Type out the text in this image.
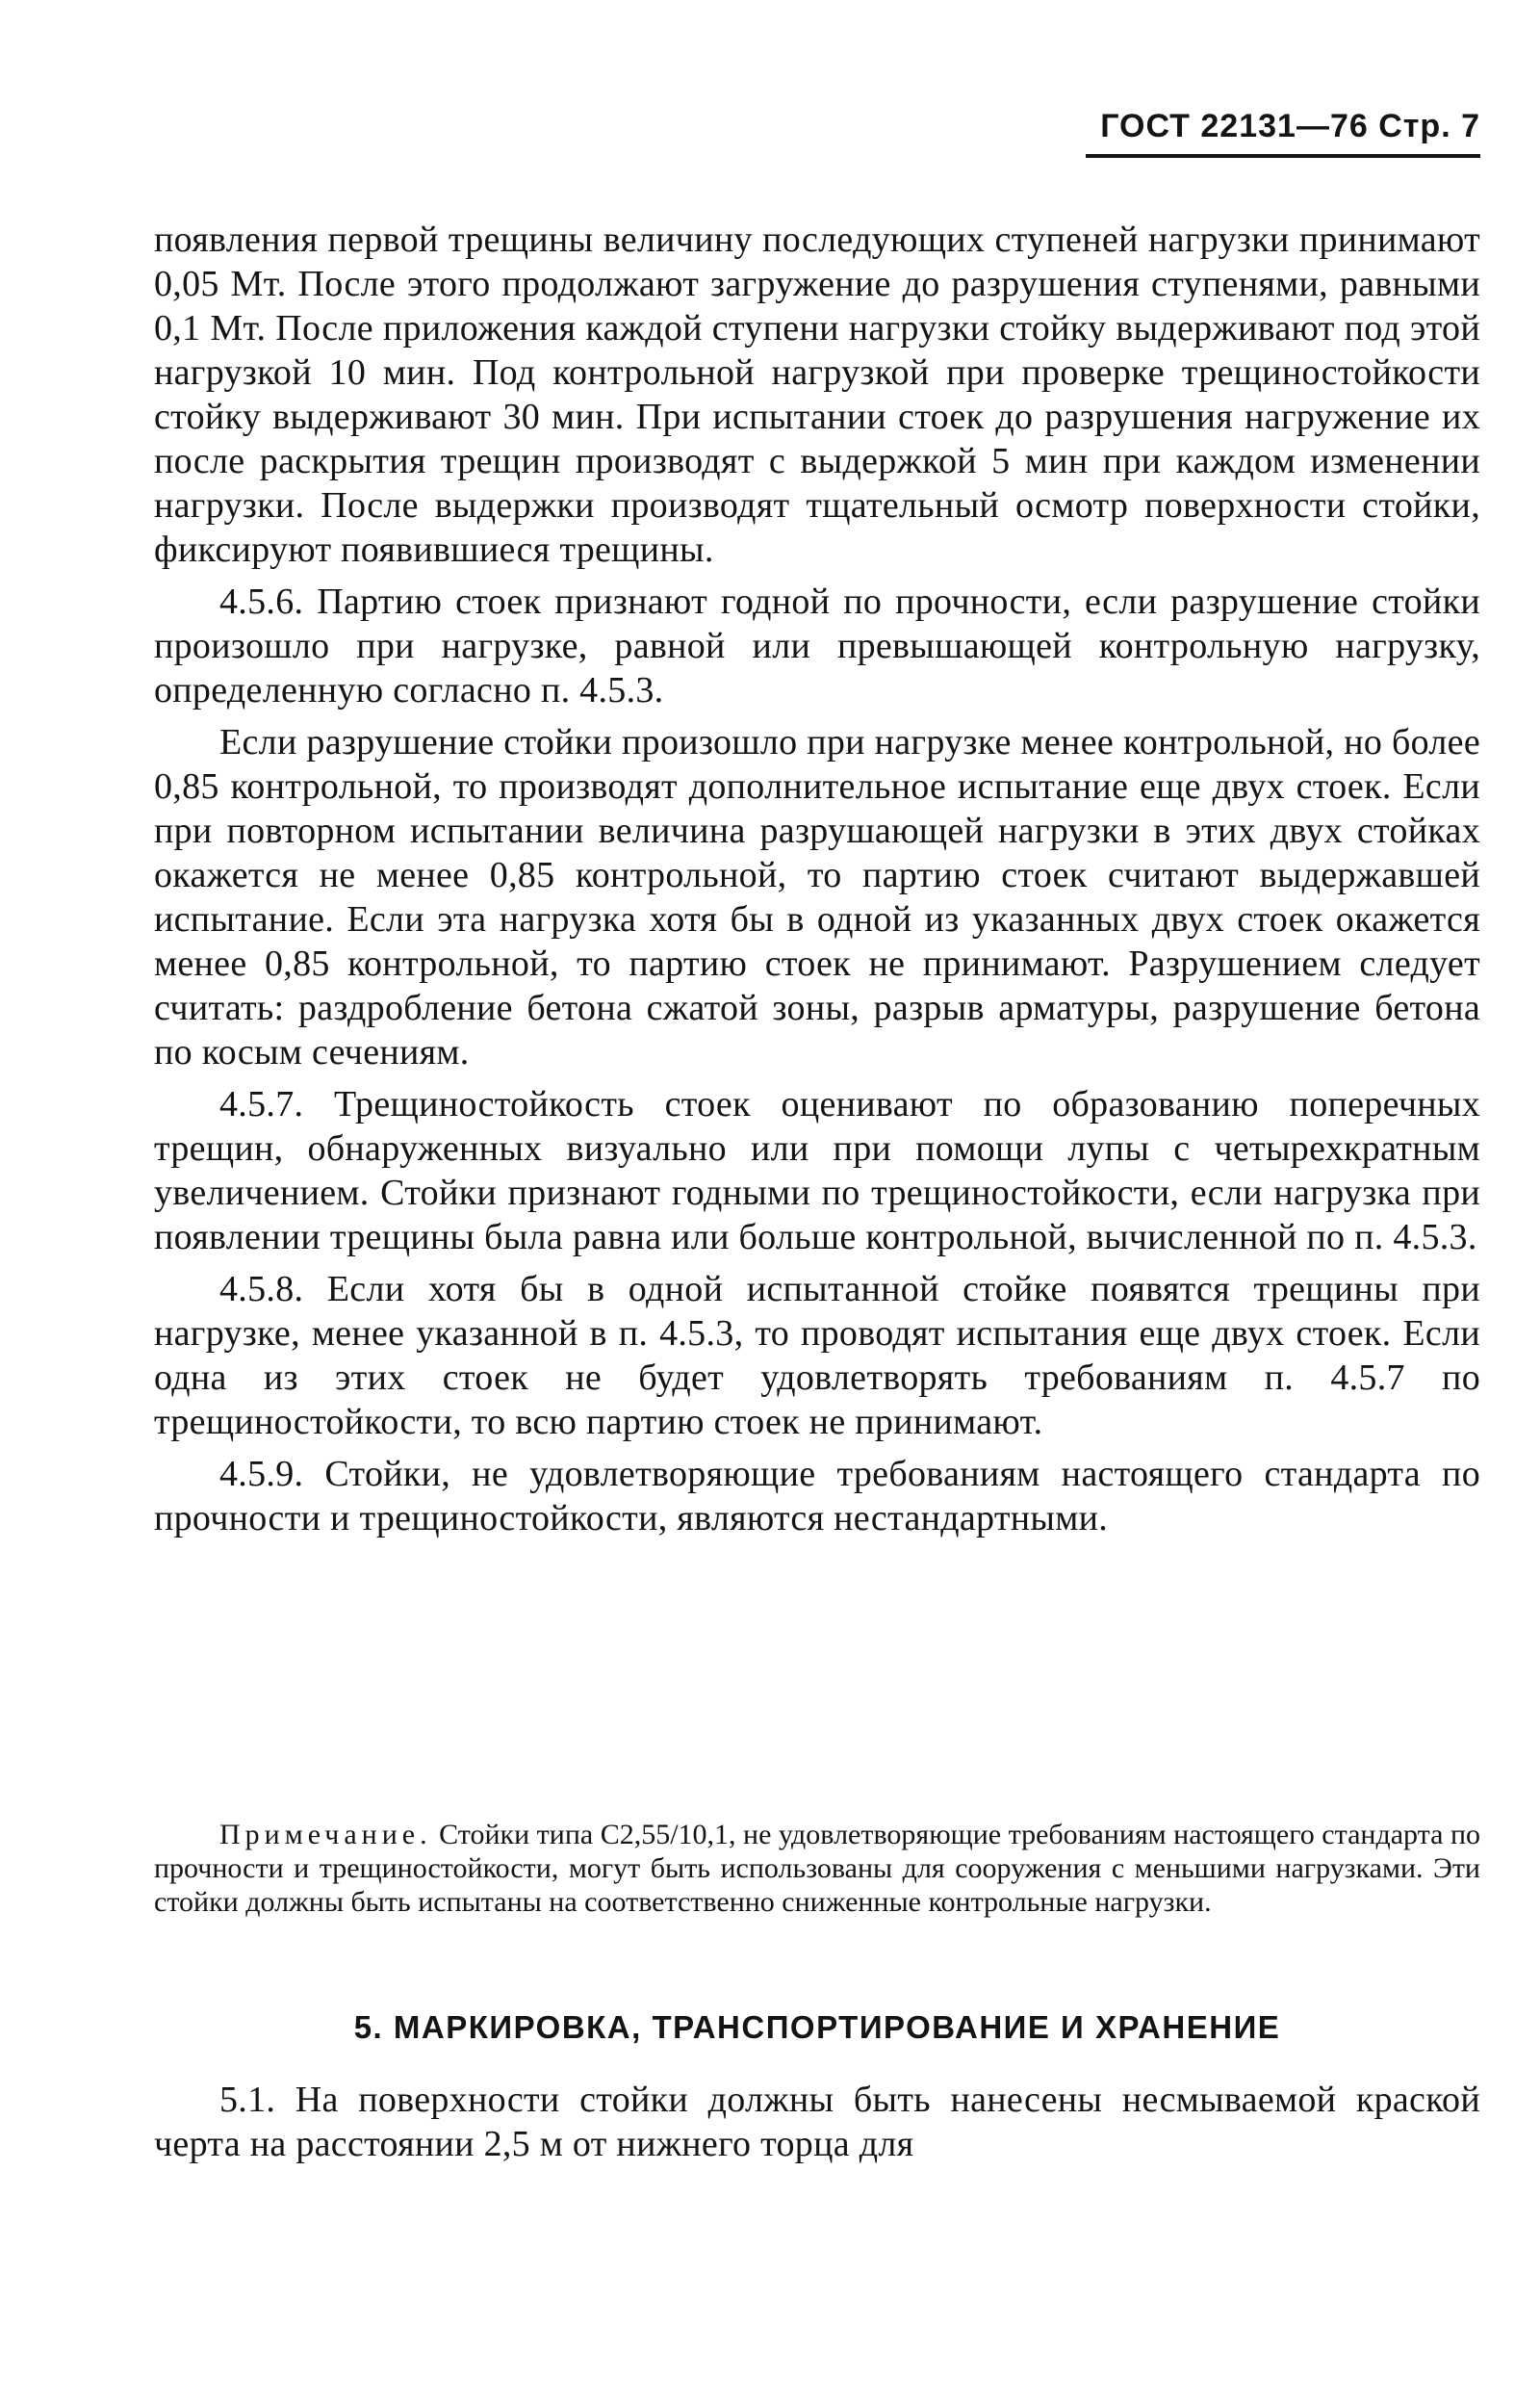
ГОСТ 22131—76 Стр. 7

появления первой трещины величину последующих ступеней нагрузки принимают 0,05 Mт. После этого продолжают загружение до разрушения ступенями, равными 0,1 Mт. После приложения каждой ступени нагрузки стойку выдерживают под этой нагрузкой 10 мин. Под контрольной нагрузкой при проверке трещиностойкости стойку выдерживают 30 мин. При испытании стоек до разрушения нагружение их после раскрытия трещин производят с выдержкой 5 мин при каждом изменении нагрузки. После выдержки производят тщательный осмотр поверхности стойки, фиксируют появившиеся трещины.

4.5.6. Партию стоек признают годной по прочности, если разрушение стойки произошло при нагрузке, равной или превышающей контрольную нагрузку, определенную согласно п. 4.5.3.

Если разрушение стойки произошло при нагрузке менее контрольной, но более 0,85 контрольной, то производят дополнительное испытание еще двух стоек. Если при повторном испытании величина разрушающей нагрузки в этих двух стойках окажется не менее 0,85 контрольной, то партию стоек считают выдержавшей испытание. Если эта нагрузка хотя бы в одной из указанных двух стоек окажется менее 0,85 контрольной, то партию стоек не принимают. Разрушением следует считать: раздробление бетона сжатой зоны, разрыв арматуры, разрушение бетона по косым сечениям.

4.5.7. Трещиностойкость стоек оценивают по образованию поперечных трещин, обнаруженных визуально или при помощи лупы с четырехкратным увеличением. Стойки признают годными по трещиностойкости, если нагрузка при появлении трещины была равна или больше контрольной, вычисленной по п. 4.5.3.

4.5.8. Если хотя бы в одной испытанной стойке появятся трещины при нагрузке, менее указанной в п. 4.5.3, то проводят испытания еще двух стоек. Если одна из этих стоек не будет удовлетворять требованиям п. 4.5.7 по трещиностойкости, то всю партию стоек не принимают.

4.5.9. Стойки, не удовлетворяющие требованиям настоящего стандарта по прочности и трещиностойкости, являются нестандартными.

Примечание. Стойки типа С2,55/10,1, не удовлетворяющие требованиям настоящего стандарта по прочности и трещиностойкости, могут быть использованы для сооружения с меньшими нагрузками. Эти стойки должны быть испытаны на соответственно сниженные контрольные нагрузки.

5. МАРКИРОВКА, ТРАНСПОРТИРОВАНИЕ И ХРАНЕНИЕ

5.1. На поверхности стойки должны быть нанесены несмываемой краской черта на расстоянии 2,5 м от нижнего торца для
